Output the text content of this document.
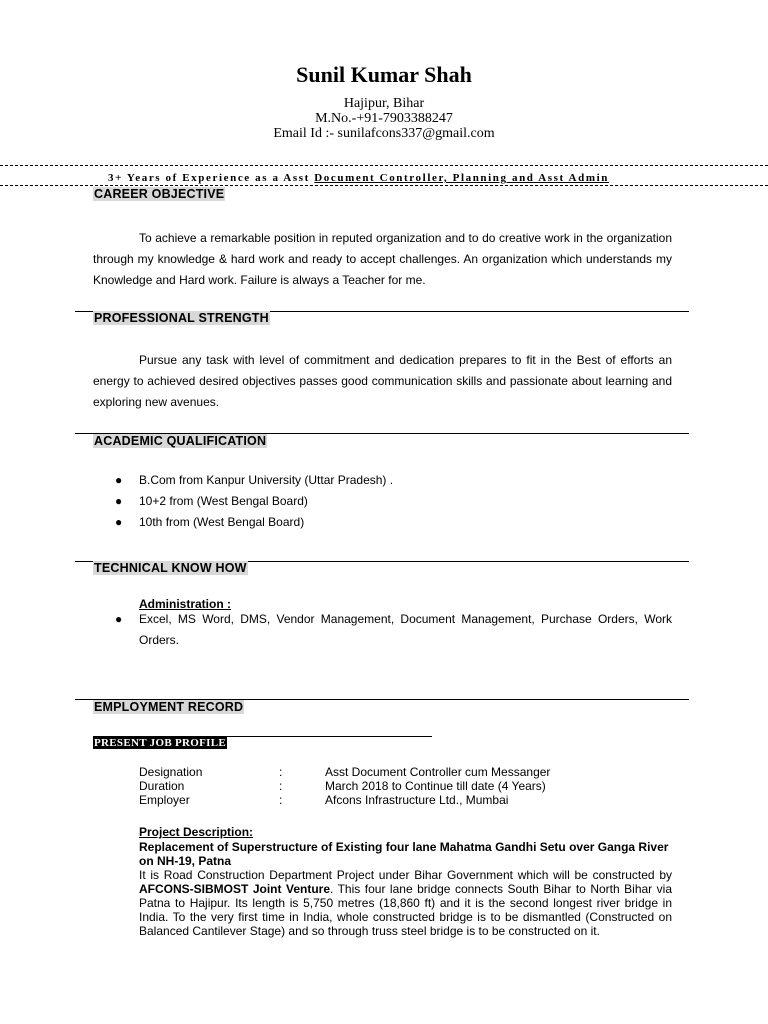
Sunil Kumar Shah
Hajipur, Bihar
M.No.-+91-7903388247
Email Id :- sunilafcons337@gmail.com
3+ Years of Experience as a Asst Document Controller, Planning and Asst Admin
CAREER OBJECTIVE
To achieve a remarkable position in reputed organization and to do creative work in the organization through my knowledge & hard work and ready to accept challenges. An organization which understands my Knowledge and Hard work. Failure is always a Teacher for me.
PROFESSIONAL STRENGTH
Pursue any task with level of commitment and dedication prepares to fit in the Best of efforts an energy to achieved desired objectives passes good communication skills and passionate about learning and exploring new avenues.
ACADEMIC QUALIFICATION
● B.Com from Kanpur University (Uttar Pradesh) .
● 10+2 from (West Bengal Board)
● 10th from (West Bengal Board)
TECHNICAL KNOW HOW
Administration :
● Excel, MS Word, DMS, Vendor Management, Document Management, Purchase Orders, Work Orders.
EMPLOYMENT RECORD
PRESENT JOB PROFILE
Designation	:	Asst Document Controller cum Messanger
Duration	:	March 2018 to Continue till date (4 Years)
Employer	:	Afcons Infrastructure Ltd., Mumbai
Project Description:
Replacement of Superstructure of Existing four lane Mahatma Gandhi Setu over Ganga River on NH-19, Patna
It is Road Construction Department Project under Bihar Government which will be constructed by AFCONS-SIBMOST Joint Venture. This four lane bridge connects South Bihar to North Bihar via Patna to Hajipur. Its length is 5,750 metres (18,860 ft) and it is the second longest river bridge in India. To the very first time in India, whole constructed bridge is to be dismantled (Constructed on Balanced Cantilever Stage) and so through truss steel bridge is to be constructed on it.
